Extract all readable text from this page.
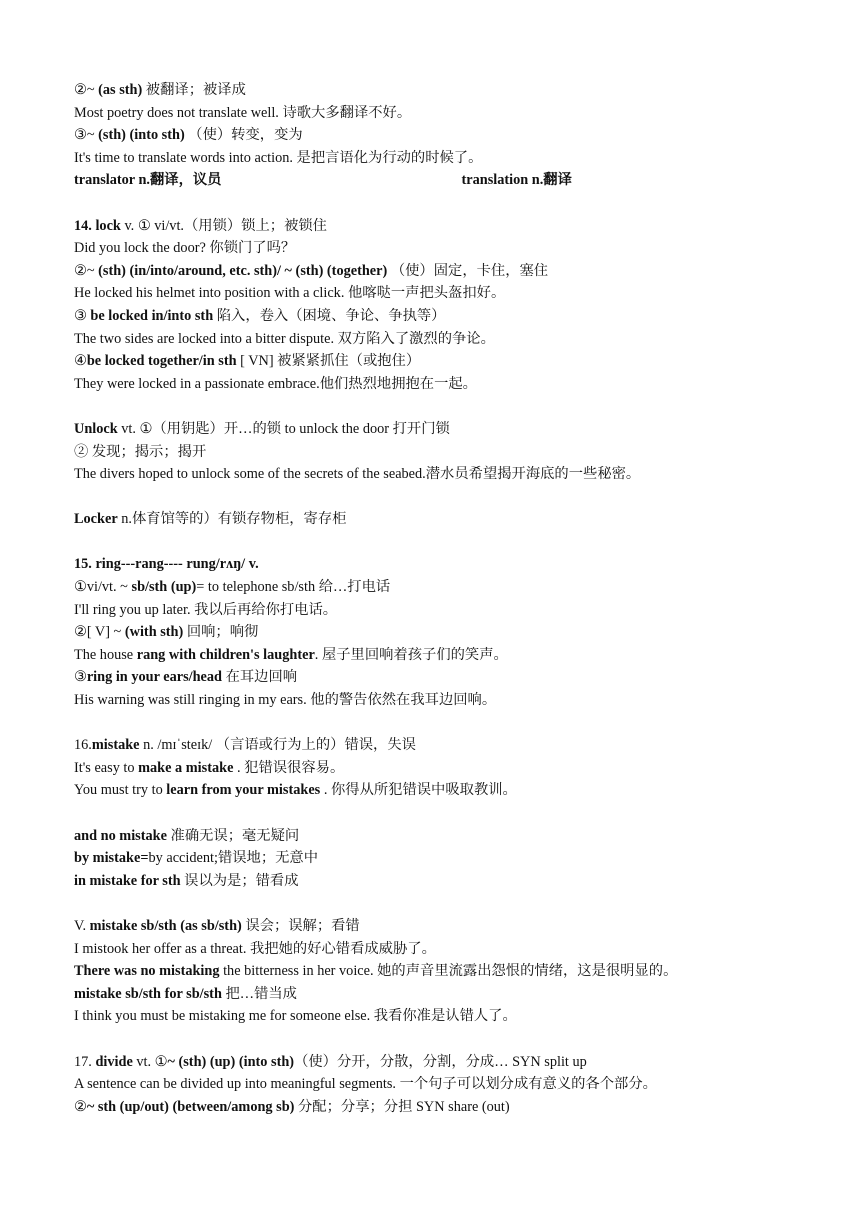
②~ (as sth) 被翻译；被译成
Most poetry does not translate well. 诗歌大多翻译不好。
③~ (sth) (into sth) （使）转变，变为
It's time to translate words into action. 是把言语化为行动的时候了。
translator n.翻译，议员	translation n.翻译
14. lock v. ① vi/vt.（用锁）锁上；被锁住
Did you lock the door? 你锁门了吗？
②~ (sth) (in/into/around, etc. sth)/ ~ (sth) (together) （使）固定，卡住，塞住
He locked his helmet into position with a click. 他喀哒一声把头盔扣好。
③ be locked in/into sth 陷入，卷入（困境、争论、争执等）
The two sides are locked into a bitter dispute. 双方陷入了激烈的争论。
④be locked together/in sth [ VN] 被紧紧抓住（或抱住）
They were locked in a passionate embrace.他们热烈地拥抱在一起。
Unlock vt. ①（用钥匙）开…的锁 to unlock the door 打开门锁
② 发现；揭示；揭开
The divers hoped to unlock some of the secrets of the seabed.潜水员希望揭开海底的一些秘密。
Locker n.体育馆等的）有锁存物柜，寄存柜
15. ring---rang---- rung/rʌŋ/ v.
①vi/vt. ~ sb/sth (up)= to telephone sb/sth 给…打电话
I'll ring you up later. 我以后再给你打电话。
②[ V] ~ (with sth) 回响；响彻
The house rang with children's laughter. 屋子里回响着孩子们的笑声。
③ring in your ears/head 在耳边回响
His warning was still ringing in my ears. 他的警告依然在我耳边回响。
16.mistake n. /mɪˈsteɪk/ （言语或行为上的）错误，失误
It's easy to make a mistake . 犯错误很容易。
You must try to learn from your mistakes . 你得从所犯错误中吸取教训。
and no mistake 准确无误；毫无疑问
by mistake=by accident;错误地；无意中
in mistake for sth 误以为是；错看成
V. mistake sb/sth (as sb/sth) 误会；误解；看错
I mistook her offer as a threat. 我把她的好心错看成威胁了。
There was no mistaking the bitterness in her voice. 她的声音里流露出怨恨的情绪，这是很明显的。
mistake sb/sth for sb/sth 把…错当成
I think you must be mistaking me for someone else. 我看你准是认错人了。
17. divide vt. ①~ (sth) (up) (into sth)（使）分开，分散，分割，分成… SYN split up
A sentence can be divided up into meaningful segments. 一个句子可以划分成有意义的各个部分。
②~ sth (up/out) (between/among sb) 分配；分享；分担 SYN share (out)
